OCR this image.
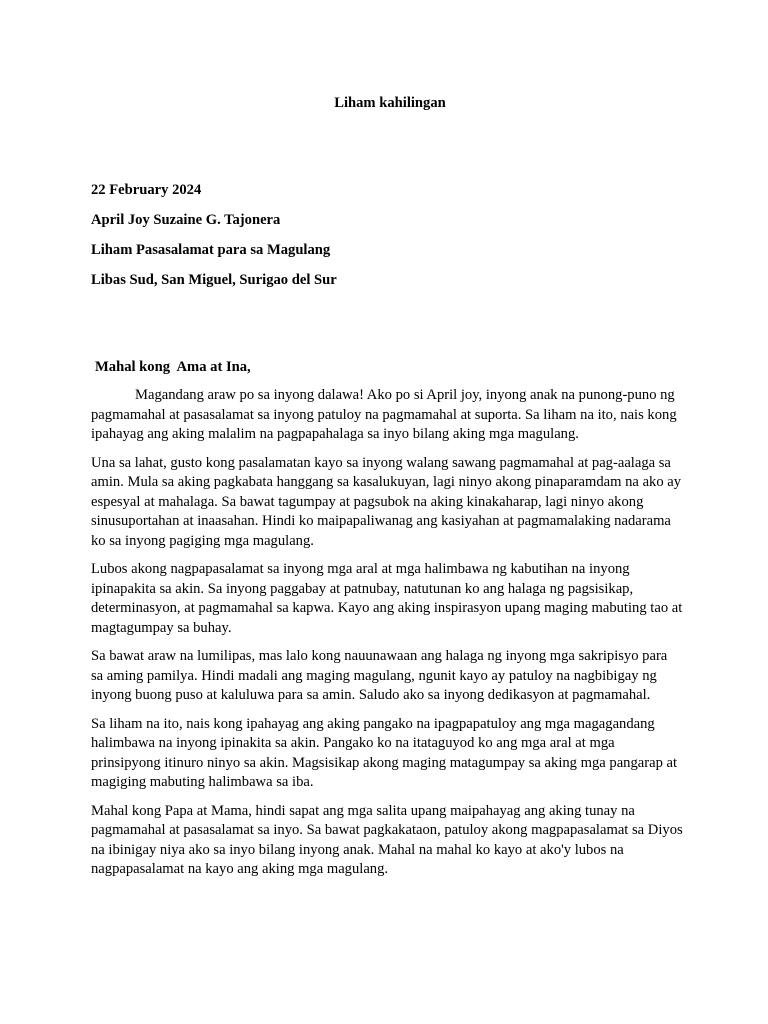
Liham kahilingan
22 February 2024
April Joy Suzaine G. Tajonera
Liham Pasasalamat para sa Magulang
Libas Sud, San Miguel, Surigao del Sur
Mahal kong  Ama at Ina,

Magandang araw po sa inyong dalawa! Ako po si April joy, inyong anak na punong-puno ng pagmamahal at pasasalamat sa inyong patuloy na pagmamahal at suporta. Sa liham na ito, nais kong ipahayag ang aking malalim na pagpapahalaga sa inyo bilang aking mga magulang.

Una sa lahat, gusto kong pasalamatan kayo sa inyong walang sawang pagmamahal at pag-aalaga sa amin. Mula sa aking pagkabata hanggang sa kasalukuyan, lagi ninyo akong pinaparamdam na ako ay espesyal at mahalaga. Sa bawat tagumpay at pagsubok na aking kinakaharap, lagi ninyo akong sinusuportahan at inaasahan. Hindi ko maipapaliwanag ang kasiyahan at pagmamalaking nadarama ko sa inyong pagiging mga magulang.

Lubos akong nagpapasalamat sa inyong mga aral at mga halimbawa ng kabutihan na inyong ipinapakita sa akin. Sa inyong paggabay at patnubay, natutunan ko ang halaga ng pagsisikap, determinasyon, at pagmamahal sa kapwa. Kayo ang aking inspirasyon upang maging mabuting tao at magtagumpay sa buhay.

Sa bawat araw na lumilipas, mas lalo kong nauunawaan ang halaga ng inyong mga sakripisyo para sa aming pamilya. Hindi madali ang maging magulang, ngunit kayo ay patuloy na nagbibigay ng inyong buong puso at kaluluwa para sa amin. Saludo ako sa inyong dedikasyon at pagmamahal.

Sa liham na ito, nais kong ipahayag ang aking pangako na ipagpapatuloy ang mga magagandang halimbawa na inyong ipinakita sa akin. Pangako ko na itataguyod ko ang mga aral at mga prinsipyong itinuro ninyo sa akin. Magsisikap akong maging matagumpay sa aking mga pangarap at magiging mabuting halimbawa sa iba.

Mahal kong Papa at Mama, hindi sapat ang mga salita upang maipahayag ang aking tunay na pagmamahal at pasasalamat sa inyo. Sa bawat pagkakataon, patuloy akong magpapasalamat sa Diyos na ibinigay niya ako sa inyo bilang inyong anak. Mahal na mahal ko kayo at ako'y lubos na nagpapasalamat na kayo ang aking mga magulang.
